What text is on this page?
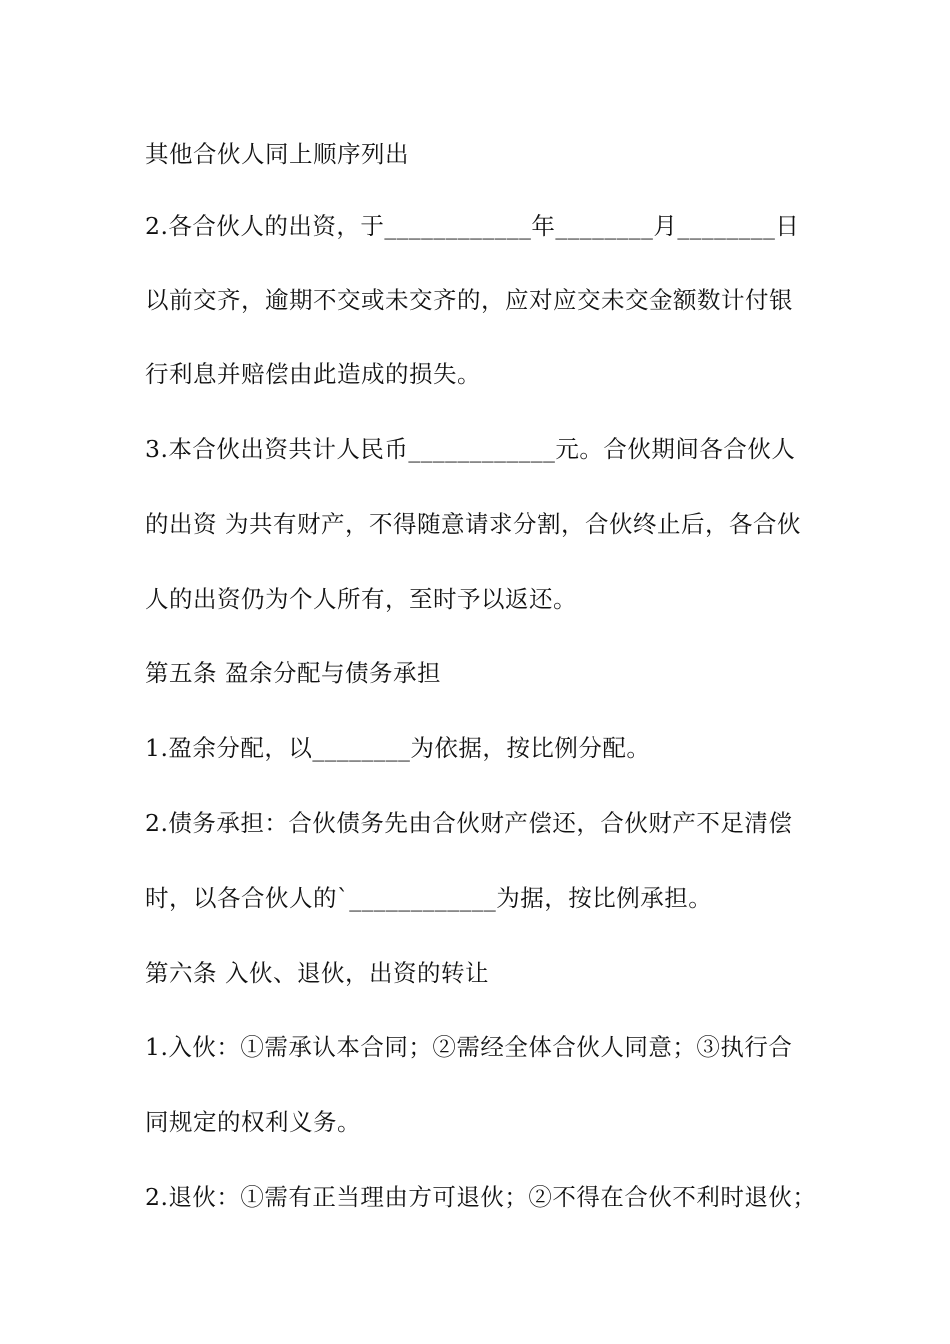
其他合伙人同上顺序列出
2.各合伙人的出资，于____________年________月________日
以前交齐，逾期不交或未交齐的，应对应交未交金额数计付银
行利息并赔偿由此造成的损失。
3.本合伙出资共计人民币____________元。合伙期间各合伙人
的出资 为共有财产，不得随意请求分割，合伙终止后，各合伙
人的出资仍为个人所有，至时予以返还。
第五条 盈余分配与债务承担
1.盈余分配，以________为依据，按比例分配。
2.债务承担：合伙债务先由合伙财产偿还，合伙财产不足清偿
时，以各合伙人的`____________为据，按比例承担。
第六条 入伙、退伙，出资的转让
1.入伙：①需承认本合同；②需经全体合伙人同意；③执行合
同规定的权利义务。
2.退伙：①需有正当理由方可退伙；②不得在合伙不利时退伙；
